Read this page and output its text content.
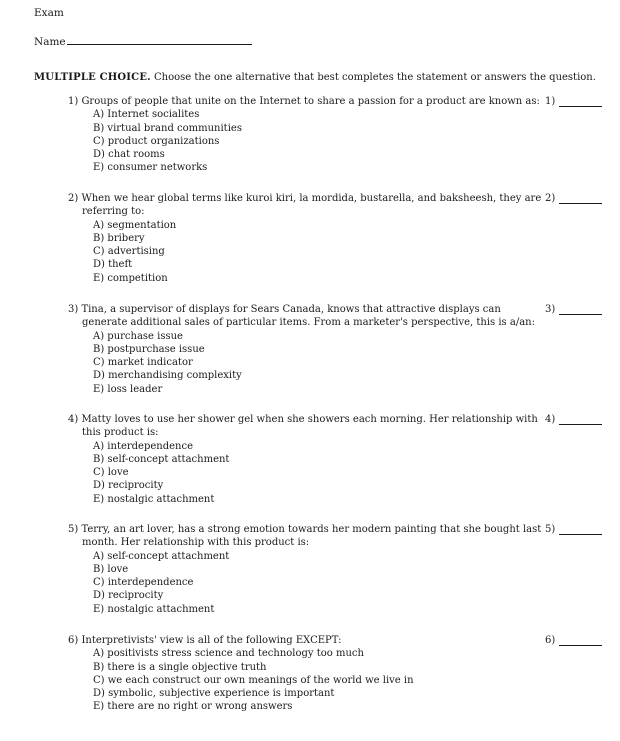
Exam
Name
MULTIPLE CHOICE. Choose the one alternative that best completes the statement or answers the question.
1) Groups of people that unite on the Internet to share a passion for a product are known as:
A) Internet socialites
B) virtual brand communities
C) product organizations
D) chat rooms
E) consumer networks
1)
2) When we hear global terms like kuroi kiri, la mordida, bustarella, and baksheesh, they are referring to:
A) segmentation
B) bribery
C) advertising
D) theft
E) competition
2)
3) Tina, a supervisor of displays for Sears Canada, knows that attractive displays can generate additional sales of particular items. From a marketer's perspective, this is a/an:
A) purchase issue
B) postpurchase issue
C) market indicator
D) merchandising complexity
E) loss leader
3)
4) Matty loves to use her shower gel when she showers each morning. Her relationship with this product is:
A) interdependence
B) self-concept attachment
C) love
D) reciprocity
E) nostalgic attachment
4)
5) Terry, an art lover, has a strong emotion towards her modern painting that she bought last month. Her relationship with this product is:
A) self-concept attachment
B) love
C) interdependence
D) reciprocity
E) nostalgic attachment
5)
6) Interpretivists' view is all of the following EXCEPT:
A) positivists stress science and technology too much
B) there is a single objective truth
C) we each construct our own meanings of the world we live in
D) symbolic, subjective experience is important
E) there are no right or wrong answers
6)
